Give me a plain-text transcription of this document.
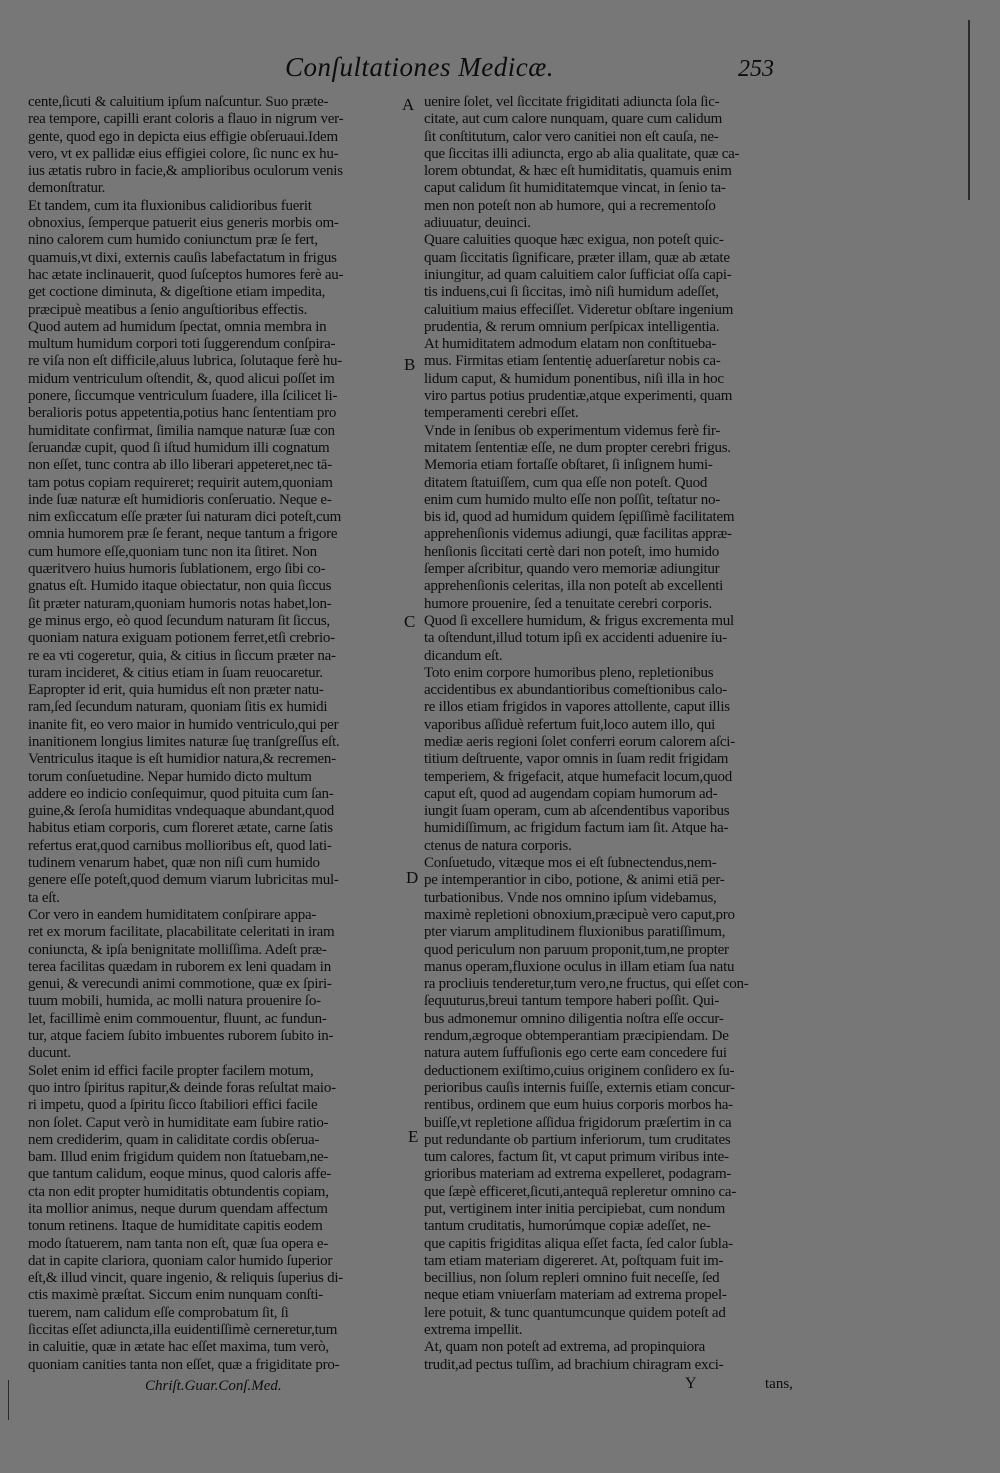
Conſultationes Medicæ.	253
cente,ſicuti & caluitium ipſum naſcuntur. Suo præte-
rea tempore, capilli erant coloris a flauo in nigrum ver-
gente, quod ego in depicta eius effigie obſeruaui.Idem
vero, vt ex pallidæ eius effigiei colore, ſic nunc ex hu-
ius ætatis rubro in facie,& amplioribus oculorum venis
demonſtratur.
Et tandem, cum ita fluxionibus calidioribus fuerit
obnoxius, ſemperque patuerit eius generis morbis om-
nino calorem cum humido coniunctum præ ſe fert,
quamuis,vt dixi, externis cauſis labefactatum in frigus
hac ætate inclinauerit, quod ſuſceptos humores ferè au-
get coctione diminuta, & digeſtione etiam impedita,
præcipuè meatibus a ſenio anguſtioribus effectis.
Quod autem ad humidum ſpectat, omnia membra in
multum humidum corpori toti ſuggerendum conſpira-
re viſa non eſt difficile,aluus lubrica, ſolutaque ferè hu-
midum ventriculum oſtendit, &, quod alicui poſſet im
ponere, ſiccumque ventriculum ſuadere, illa ſcilicet li-
beralioris potus appetentia,potius hanc ſententiam pro
humiditate confirmat, ſimilia namque naturæ ſuæ con
ſeruandæ cupit, quod ſi iſtud humidum illi cognatum
non eſſet, tunc contra ab illo liberari appeteret,nec tā-
tam potus copiam requireret; requirit autem,quoniam
inde ſuæ naturæ eſt humidioris conſeruatio. Neque e-
nim exſiccatum eſſe præter ſui naturam dici poteſt,cum
omnia humorem præ ſe ferant, neque tantum a frigore
cum humore eſſe,quoniam tunc non ita ſitiret. Non
quæritvero huius humoris ſublationem, ergo ſibi co-
gnatus eſt. Humido itaque obiectatur, non quia ſiccus
ſit præter naturam,quoniam humoris notas habet,lon-
ge minus ergo, eò quod ſecundum naturam ſit ſiccus,
quoniam natura exiguam potionem ferret,etſi crebrio-
re ea vti cogeretur, quia, & citius in ſiccum præter na-
turam incideret, & citius etiam in ſuam reuocaretur.
Eapropter id erit, quia humidus eſt non præter natu-
ram,ſed ſecundum naturam, quoniam ſitis ex humidi
inanite fit, eo vero maior in humido ventriculo,qui per
inanitionem longius limites naturæ ſuę tranſgreſſus eſt.
Ventriculus itaque is eſt humidior natura,& recremen-
torum conſuetudine. Nepar humido dicto multum
addere eo indicio conſequimur, quod pituita cum ſan-
guine,& ſeroſa humiditas vndequaque abundant,quod
habitus etiam corporis, cum floreret ætate, carne ſatis
refertus erat,quod carnibus mollioribus eſt, quod lati-
tudinem venarum habet, quæ non niſi cum humido
genere eſſe poteſt,quod demum viarum lubricitas mul-
ta eſt.
Cor vero in eandem humiditatem conſpirare appa-
ret ex morum facilitate, placabilitate celeritati in iram
coniuncta, & ipſa benignitate molliſſima. Adeſt præ-
terea facilitas quædam in ruborem ex leni quadam in
genui, & verecundi animi commotione, quæ ex ſpiri-
tuum mobili, humida, ac molli natura prouenire ſo-
let, facillimè enim commouentur, fluunt, ac fundun-
tur, atque faciem ſubito imbuentes ruborem ſubito in-
ducunt.
Solet enim id effici facile propter facilem motum,
quo intro ſpiritus rapitur,& deinde foras reſultat maio-
ri impetu, quod a ſpiritu ſicco ſtabiliori effici facile
non ſolet. Caput verò in humiditate eam ſubire ratio-
nem crediderim, quam in caliditate cordis obſerua-
bam. Illud enim frigidum quidem non ſtatuebam,ne-
que tantum calidum, eoque minus, quod caloris affe-
cta non edit propter humiditatis obtundentis copiam,
ita mollior animus, neque durum quendam affectum
tonum retinens. Itaque de humiditate capitis eodem
modo ſtatuerem, nam tanta non eſt, quæ ſua opera e-
dat in capite clariora, quoniam calor humido ſuperior
eſt,& illud vincit, quare ingenio, & reliquis ſuperius di-
ctis maximè præſtat. Siccum enim nunquam conſti-
tuerem, nam calidum eſſe comprobatum ſit, ſi
ſiccitas eſſet adiuncta,illa euidentiſſimè cerneretur,tum
in caluitie, quæ in ætate hac eſſet maxima, tum verò,
quoniam canities tanta non eſſet, quæ a frigiditate pro-
uenire ſolet, vel ſiccitate frigiditati adiuncta ſola ſic-
citate, aut cum calore nunquam, quare cum calidum
ſit conſtitutum, calor vero canitiei non eſt cauſa, ne-
que ſiccitas illi adiuncta, ergo ab alia qualitate, quæ ca-
lorem obtundat, & hæc eſt humiditatis, quamuis enim
caput calidum ſit humiditatemque vincat, in ſenio ta-
men non poteſt non ab humore, qui a recrementoſo
adiuuatur, deuinci.
Quare caluities quoque hæc exigua, non poteſt quic-
quam ſiccitatis ſignificare, præter illam, quæ ab ætate
iniungitur, ad quam caluitiem calor ſufficiat oſſa capi-
tis induens,cui ſi ſiccitas, imò niſi humidum adeſſet,
caluitium maius effeciſſet. Videretur obſtare ingenium
prudentia, & rerum omnium perſpicax intelligentia.
At humiditatem admodum elatam non conſtitueba-
mus. Firmitas etiam ſententię aduerſaretur nobis ca-
lidum caput, & humidum ponentibus, niſi illa in hoc
viro partus potius prudentiæ,atque experimenti, quam
temperamenti cerebri eſſet.
Vnde in ſenibus ob experimentum videmus ferè fir-
mitatem ſententiæ eſſe, ne dum propter cerebri frigus.
Memoria etiam fortaſſe obſtaret, ſi inſignem humi-
ditatem ſtatuiſſem, cum qua eſſe non poteſt. Quod
enim cum humido multo eſſe non poſſit, teſtatur no-
bis id, quod ad humidum quidem ſępiſſimè facilitatem
apprehenſionis videmus adiungi, quæ facilitas appræ-
henſionis ſiccitati certè dari non poteſt, imo humido
ſemper aſcribitur, quando vero memoriæ adiungitur
apprehenſionis celeritas, illa non poteſt ab excellenti
humore prouenire, ſed a tenuitate cerebri corporis.
Quod ſi excellere humidum, & frigus excrementa mul
ta oſtendunt,illud totum ipſi ex accidenti aduenire iu-
dicandum eſt.
Toto enim corpore humoribus pleno, repletionibus
accidentibus ex abundantioribus comeſtionibus calo-
re illos etiam frigidos in vapores attollente, caput illis
vaporibus aſſiduè refertum fuit,loco autem illo, qui
mediæ aeris regioni ſolet conferri eorum calorem aſci-
titium deſtruente, vapor omnis in ſuam redit frigidam
temperiem, & frigefacit, atque humefacit locum,quod
caput eſt, quod ad augendam copiam humorum ad-
iungit ſuam operam, cum ab aſcendentibus vaporibus
humidiſſimum, ac frigidum factum iam ſit. Atque ha-
ctenus de natura corporis.
Conſuetudo, vitæque mos ei eſt ſubnectendus,nem-
pe intemperantior in cibo, potione, & animi etiā per-
turbationibus. Vnde nos omnino ipſum videbamus,
maximè repletioni obnoxium,præcipuè vero caput,pro
pter viarum amplitudinem fluxionibus paratiſſimum,
quod periculum non paruum proponit,tum,ne propter
manus operam,fluxione oculus in illam etiam ſua natu
ra procliuis tenderetur,tum vero,ne fructus, qui eſſet con-
ſequuturus,breui tantum tempore haberi poſſit. Qui-
bus admonemur omnino diligentia noſtra eſſe occur-
rendum,ægroque obtemperantiam præcipiendam. De
natura autem ſuffuſionis ego certe eam concedere fui
deductionem exiſtimo,cuius originem conſidero ex ſu-
perioribus cauſis internis fuiſſe, externis etiam concur-
rentibus, ordinem que eum huius corporis morbos ha-
buiſſe,vt repletione aſſidua frigidorum præſertim in ca
put redundante ob partium inferiorum, tum cruditates
tum calores, factum ſit, vt caput primum viribus inte-
grioribus materiam ad extrema expelleret, podagram-
que ſæpè efficeret,ſicuti,antequā repleretur omnino ca-
put, vertiginem inter initia percipiebat, cum nondum
tantum cruditatis, humorúmque copiæ adeſſet, ne-
que capitis frigiditas aliqua eſſet facta, ſed calor ſubla-
tam etiam materiam digereret. At, poſtquam fuit im-
becillius, non ſolum repleri omnino fuit neceſſe, ſed
neque etiam vniuerſam materiam ad extrema propel-
lere potuit, & tunc quantumcunque quidem poteſt ad
extrema impellit.
At, quam non poteſt ad extrema, ad propinquiora
trudit,ad pectus tuſſim, ad brachium chiragram exci-
A
B
C
D
E
Chriſt.Guar.Conſ.Med.	Y	tans,
